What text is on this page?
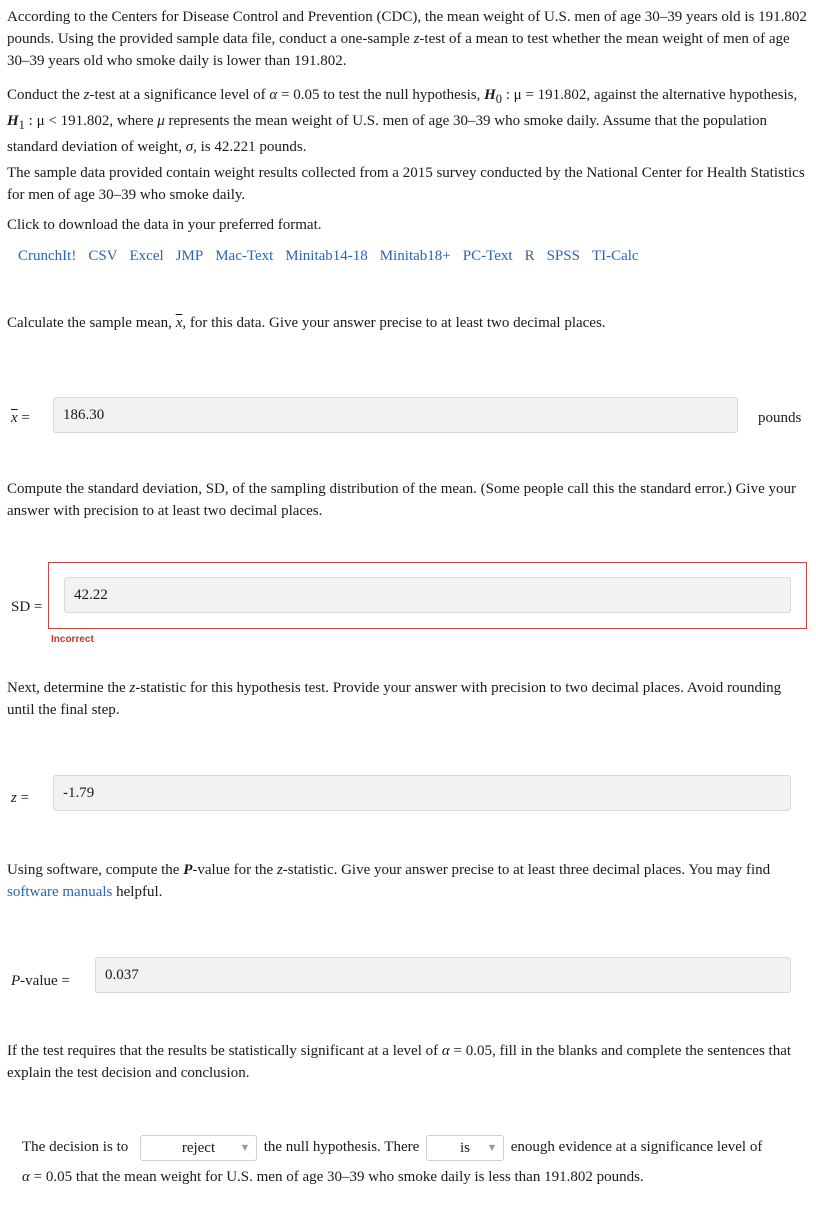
According to the Centers for Disease Control and Prevention (CDC), the mean weight of U.S. men of age 30–39 years old is 191.802 pounds. Using the provided sample data file, conduct a one-sample z-test of a mean to test whether the mean weight of men of age 30–39 years old who smoke daily is lower than 191.802.
Conduct the z-test at a significance level of α = 0.05 to test the null hypothesis, $H_0$ : μ = 191.802, against the alternative hypothesis, $H_1$ : μ < 191.802, where μ represents the mean weight of U.S. men of age 30–39 who smoke daily. Assume that the population standard deviation of weight, σ, is 42.221 pounds.
The sample data provided contain weight results collected from a 2015 survey conducted by the National Center for Health Statistics for men of age 30–39 who smoke daily.
Click to download the data in your preferred format.
CrunchIt! CSV Excel JMP Mac-Text Minitab14-18 Minitab18+ PC-Text R SPSS TI-Calc
Calculate the sample mean, $\overline{x}$, for this data. Give your answer precise to at least two decimal places.
$\overline{x}$ =	186.30	pounds
Compute the standard deviation, SD, of the sampling distribution of the mean. (Some people call this the standard error.) Give your answer with precision to at least two decimal places.
SD =
42.22
Incorrect
Next, determine the z-statistic for this hypothesis test. Provide your answer with precision to two decimal places. Avoid rounding until the final step.
z =	-1.79
Using software, compute the P-value for the z-statistic. Give your answer precise to at least three decimal places. You may find software manuals helpful.
P-value =	0.037
If the test requires that the results be statistically significant at a level of α = 0.05, fill in the blanks and complete the sentences that explain the test decision and conclusion.
The decision is to	reject	▼ the null hypothesis. There	is ▼ enough evidence at a significance level of
α = 0.05 that the mean weight for U.S. men of age 30–39 who smoke daily is less than 191.802 pounds.
